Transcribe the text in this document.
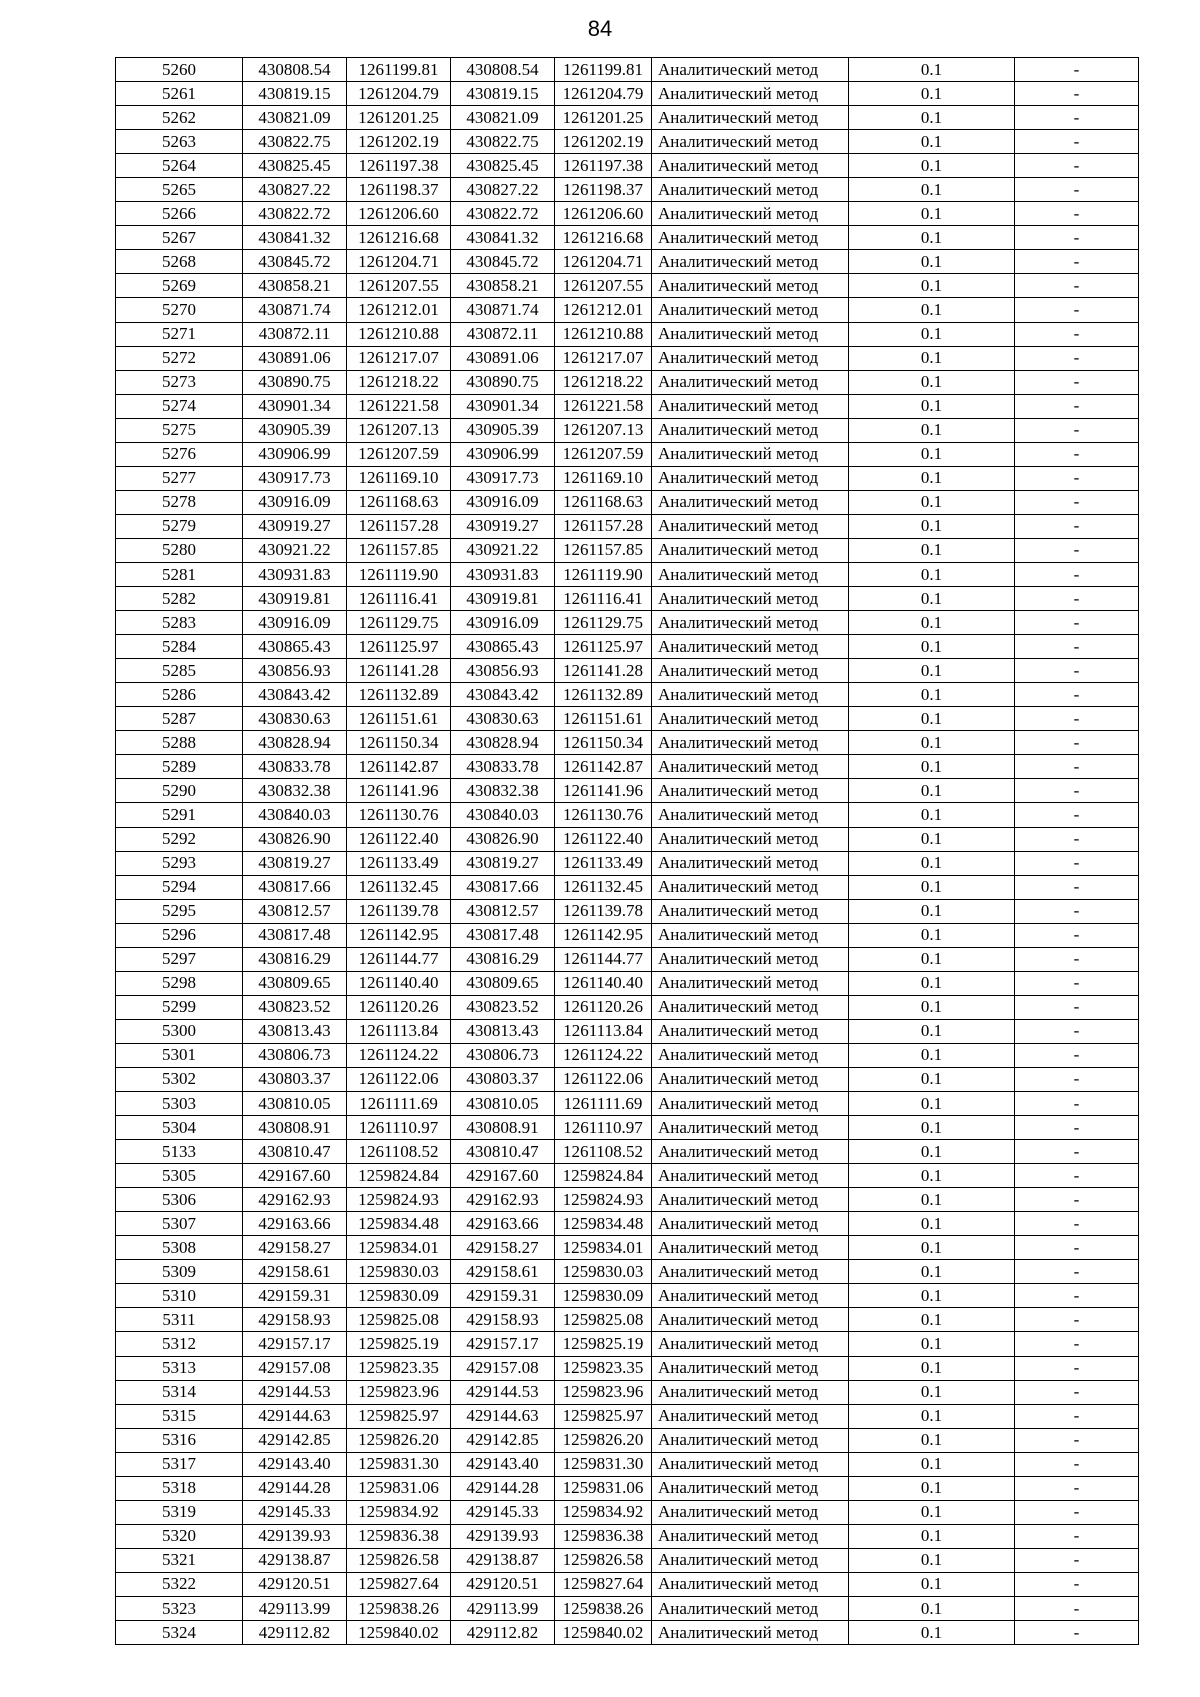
84
5260	430808.54	1261199.81	430808.54	1261199.81	Аналитический метод	0.1	-
5261	430819.15	1261204.79	430819.15	1261204.79	Аналитический метод	0.1	-
5262	430821.09	1261201.25	430821.09	1261201.25	Аналитический метод	0.1	-
5263	430822.75	1261202.19	430822.75	1261202.19	Аналитический метод	0.1	-
5264	430825.45	1261197.38	430825.45	1261197.38	Аналитический метод	0.1	-
5265	430827.22	1261198.37	430827.22	1261198.37	Аналитический метод	0.1	-
5266	430822.72	1261206.60	430822.72	1261206.60	Аналитический метод	0.1	-
5267	430841.32	1261216.68	430841.32	1261216.68	Аналитический метод	0.1	-
5268	430845.72	1261204.71	430845.72	1261204.71	Аналитический метод	0.1	-
5269	430858.21	1261207.55	430858.21	1261207.55	Аналитический метод	0.1	-
5270	430871.74	1261212.01	430871.74	1261212.01	Аналитический метод	0.1	-
5271	430872.11	1261210.88	430872.11	1261210.88	Аналитический метод	0.1	-
5272	430891.06	1261217.07	430891.06	1261217.07	Аналитический метод	0.1	-
5273	430890.75	1261218.22	430890.75	1261218.22	Аналитический метод	0.1	-
5274	430901.34	1261221.58	430901.34	1261221.58	Аналитический метод	0.1	-
5275	430905.39	1261207.13	430905.39	1261207.13	Аналитический метод	0.1	-
5276	430906.99	1261207.59	430906.99	1261207.59	Аналитический метод	0.1	-
5277	430917.73	1261169.10	430917.73	1261169.10	Аналитический метод	0.1	-
5278	430916.09	1261168.63	430916.09	1261168.63	Аналитический метод	0.1	-
5279	430919.27	1261157.28	430919.27	1261157.28	Аналитический метод	0.1	-
5280	430921.22	1261157.85	430921.22	1261157.85	Аналитический метод	0.1	-
5281	430931.83	1261119.90	430931.83	1261119.90	Аналитический метод	0.1	-
5282	430919.81	1261116.41	430919.81	1261116.41	Аналитический метод	0.1	-
5283	430916.09	1261129.75	430916.09	1261129.75	Аналитический метод	0.1	-
5284	430865.43	1261125.97	430865.43	1261125.97	Аналитический метод	0.1	-
5285	430856.93	1261141.28	430856.93	1261141.28	Аналитический метод	0.1	-
5286	430843.42	1261132.89	430843.42	1261132.89	Аналитический метод	0.1	-
5287	430830.63	1261151.61	430830.63	1261151.61	Аналитический метод	0.1	-
5288	430828.94	1261150.34	430828.94	1261150.34	Аналитический метод	0.1	-
5289	430833.78	1261142.87	430833.78	1261142.87	Аналитический метод	0.1	-
5290	430832.38	1261141.96	430832.38	1261141.96	Аналитический метод	0.1	-
5291	430840.03	1261130.76	430840.03	1261130.76	Аналитический метод	0.1	-
5292	430826.90	1261122.40	430826.90	1261122.40	Аналитический метод	0.1	-
5293	430819.27	1261133.49	430819.27	1261133.49	Аналитический метод	0.1	-
5294	430817.66	1261132.45	430817.66	1261132.45	Аналитический метод	0.1	-
5295	430812.57	1261139.78	430812.57	1261139.78	Аналитический метод	0.1	-
5296	430817.48	1261142.95	430817.48	1261142.95	Аналитический метод	0.1	-
5297	430816.29	1261144.77	430816.29	1261144.77	Аналитический метод	0.1	-
5298	430809.65	1261140.40	430809.65	1261140.40	Аналитический метод	0.1	-
5299	430823.52	1261120.26	430823.52	1261120.26	Аналитический метод	0.1	-
5300	430813.43	1261113.84	430813.43	1261113.84	Аналитический метод	0.1	-
5301	430806.73	1261124.22	430806.73	1261124.22	Аналитический метод	0.1	-
5302	430803.37	1261122.06	430803.37	1261122.06	Аналитический метод	0.1	-
5303	430810.05	1261111.69	430810.05	1261111.69	Аналитический метод	0.1	-
5304	430808.91	1261110.97	430808.91	1261110.97	Аналитический метод	0.1	-
5133	430810.47	1261108.52	430810.47	1261108.52	Аналитический метод	0.1	-
5305	429167.60	1259824.84	429167.60	1259824.84	Аналитический метод	0.1	-
5306	429162.93	1259824.93	429162.93	1259824.93	Аналитический метод	0.1	-
5307	429163.66	1259834.48	429163.66	1259834.48	Аналитический метод	0.1	-
5308	429158.27	1259834.01	429158.27	1259834.01	Аналитический метод	0.1	-
5309	429158.61	1259830.03	429158.61	1259830.03	Аналитический метод	0.1	-
5310	429159.31	1259830.09	429159.31	1259830.09	Аналитический метод	0.1	-
5311	429158.93	1259825.08	429158.93	1259825.08	Аналитический метод	0.1	-
5312	429157.17	1259825.19	429157.17	1259825.19	Аналитический метод	0.1	-
5313	429157.08	1259823.35	429157.08	1259823.35	Аналитический метод	0.1	-
5314	429144.53	1259823.96	429144.53	1259823.96	Аналитический метод	0.1	-
5315	429144.63	1259825.97	429144.63	1259825.97	Аналитический метод	0.1	-
5316	429142.85	1259826.20	429142.85	1259826.20	Аналитический метод	0.1	-
5317	429143.40	1259831.30	429143.40	1259831.30	Аналитический метод	0.1	-
5318	429144.28	1259831.06	429144.28	1259831.06	Аналитический метод	0.1	-
5319	429145.33	1259834.92	429145.33	1259834.92	Аналитический метод	0.1	-
5320	429139.93	1259836.38	429139.93	1259836.38	Аналитический метод	0.1	-
5321	429138.87	1259826.58	429138.87	1259826.58	Аналитический метод	0.1	-
5322	429120.51	1259827.64	429120.51	1259827.64	Аналитический метод	0.1	-
5323	429113.99	1259838.26	429113.99	1259838.26	Аналитический метод	0.1	-
5324	429112.82	1259840.02	429112.82	1259840.02	Аналитический метод	0.1	-
